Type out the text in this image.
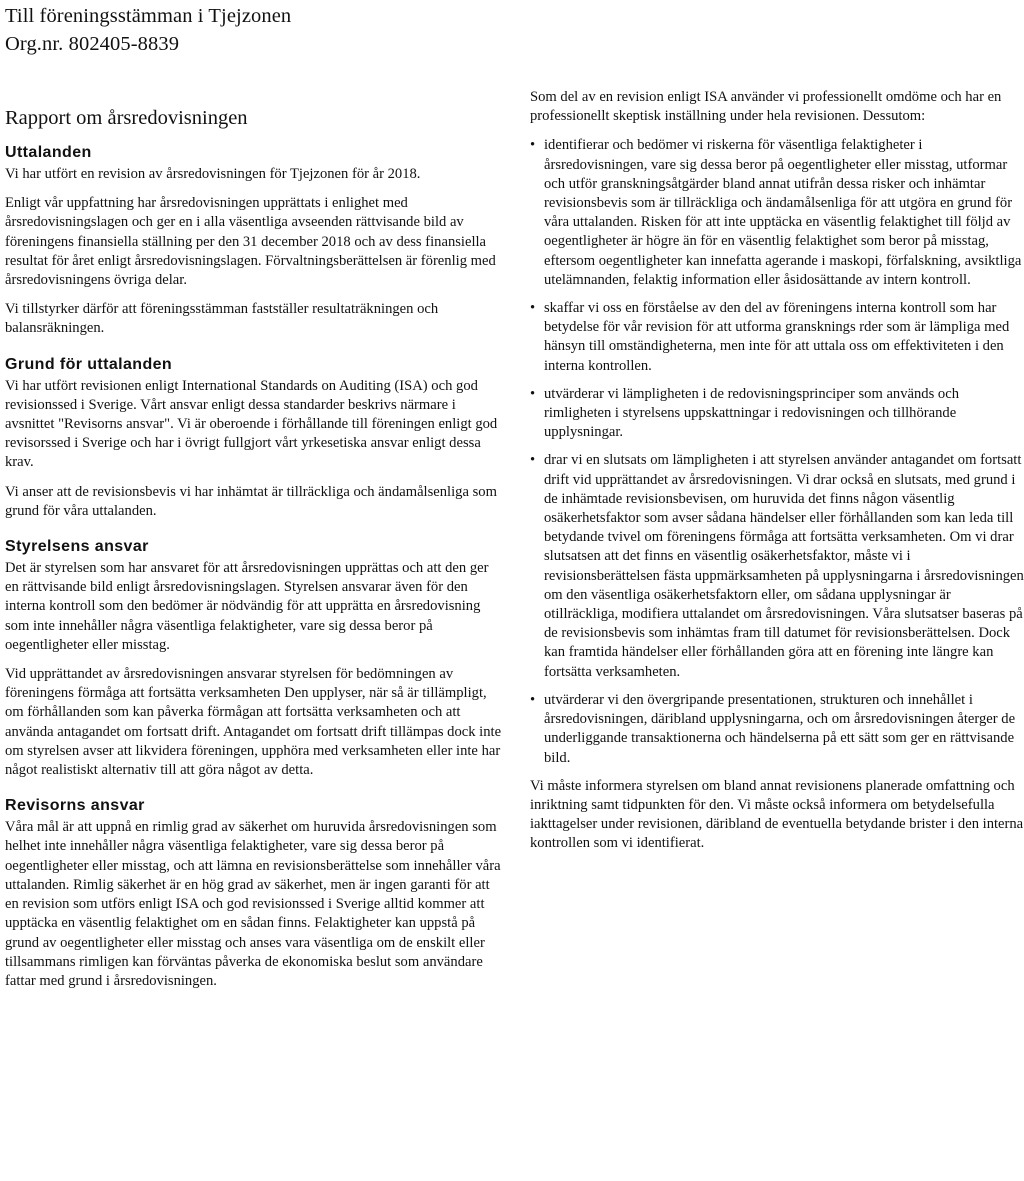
Till föreningsstämman i Tjejzonen
Org.nr. 802405-8839
Rapport om årsredovisningen
Uttalanden

Vi har utfört en revision av årsredovisningen för Tjejzonen för år 2018.

Enligt vår uppfattning har årsredovisningen upprättats i enlighet med årsredovisningslagen och ger en i alla väsentliga avseenden rättvisande bild av föreningens finansiella ställning per den 31 december 2018 och av dess finansiella resultat för året enligt årsredovisningslagen. Förvaltningsberättelsen är förenlig med årsredovisningens övriga delar.

Vi tillstyrker därför att föreningsstämman fastställer resultaträkningen och balansräkningen.

Grund för uttalanden

Vi har utfört revisionen enligt International Standards on Auditing (ISA) och god revisionssed i Sverige. Vårt ansvar enligt dessa standarder beskrivs närmare i avsnittet "Revisorns ansvar". Vi är oberoende i förhållande till föreningen enligt god revisorssed i Sverige och har i övrigt fullgjort vårt yrkesetiska ansvar enligt dessa krav.

Vi anser att de revisionsbevis vi har inhämtat är tillräckliga och ändamålsenliga som grund för våra uttalanden.

Styrelsens ansvar

Det är styrelsen som har ansvaret för att årsredovisningen upprättas och att den ger en rättvisande bild enligt årsredovisningslagen. Styrelsen ansvarar även för den interna kontroll som den bedömer är nödvändig för att upprätta en årsredovisning som inte innehåller några väsentliga felaktigheter, vare sig dessa beror på oegentligheter eller misstag.

Vid upprättandet av årsredovisningen ansvarar styrelsen för bedömningen av föreningens förmåga att fortsätta verksamheten Den upplyser, när så är tillämpligt, om förhållanden som kan påverka förmågan att fortsätta verksamheten och att använda antagandet om fortsatt drift. Antagandet om fortsatt drift tillämpas dock inte om styrelsen avser att likvidera föreningen, upphöra med verksamheten eller inte har något realistiskt alternativ till att göra något av detta.

Revisorns ansvar

Våra mål är att uppnå en rimlig grad av säkerhet om huruvida årsredovisningen som helhet inte innehåller några väsentliga felaktigheter, vare sig dessa beror på oegentligheter eller misstag, och att lämna en revisionsberättelse som innehåller våra uttalanden. Rimlig säkerhet är en hög grad av säkerhet, men är ingen garanti för att en revision som utförs enligt ISA och god revisionssed i Sverige alltid kommer att upptäcka en väsentlig felaktighet om en sådan finns. Felaktigheter kan uppstå på grund av oegentligheter eller misstag och anses vara väsentliga om de enskilt eller tillsammans rimligen kan förväntas påverka de ekonomiska beslut som användare fattar med grund i årsredovisningen.

Som del av en revision enligt ISA använder vi professionellt omdöme och har en professionellt skeptisk inställning under hela revisionen. Dessutom:

• identifierar och bedömer vi riskerna för väsentliga felaktigheter i årsredovisningen, vare sig dessa beror på oegentligheter eller misstag, utformar och utför granskningsåtgärder bland annat utifrån dessa risker och inhämtar revisionsbevis som är tillräckliga och ändamålsenliga för att utgöra en grund för våra uttalanden. Risken för att inte upptäcka en väsentlig felaktighet till följd av oegentligheter är högre än för en väsentlig felaktighet som beror på misstag, eftersom oegentligheter kan innefatta agerande i maskopi, förfalskning, avsiktliga utelämnanden, felaktig information eller åsidosättande av intern kontroll.
• skaffar vi oss en förståelse av den del av föreningens interna kontroll som har betydelse för vår revision för att utforma gransknings rder som är lämpliga med hänsyn till omständigheterna, men inte för att uttala oss om effektiviteten i den interna kontrollen.
• utvärderar vi lämpligheten i de redovisningsprinciper som används och rimligheten i styrelsens uppskattningar i redovisningen och tillhörande upplysningar.
• drar vi en slutsats om lämpligheten i att styrelsen använder antagandet om fortsatt drift vid upprättandet av årsredovisningen. Vi drar också en slutsats, med grund i de inhämtade revisionsbevisen, om huruvida det finns någon väsentlig osäkerhetsfaktor som avser sådana händelser eller förhållanden som kan leda till betydande tvivel om föreningens förmåga att fortsätta verksamheten. Om vi drar slutsatsen att det finns en väsentlig osäkerhetsfaktor, måste vi i revisionsberättelsen fästa uppmärksamheten på upplysningarna i årsredovisningen om den väsentliga osäkerhetsfaktorn eller, om sådana upplysningar är otillräckliga, modifiera uttalandet om årsredovisningen. Våra slutsatser baseras på de revisionsbevis som inhämtas fram till datumet för revisionsberättelsen. Dock kan framtida händelser eller förhållanden göra att en förening inte längre kan fortsätta verksamheten.
• utvärderar vi den övergripande presentationen, strukturen och innehållet i årsredovisningen, däribland upplysningarna, och om årsredovisningen återger de underliggande transaktionerna och händelserna på ett sätt som ger en rättvisande bild.

Vi måste informera styrelsen om bland annat revisionens planerade omfattning och inriktning samt tidpunkten för den. Vi måste också informera om betydelsefulla iakttagelser under revisionen, däribland de eventuella betydande brister i den interna kontrollen som vi identifierat.
